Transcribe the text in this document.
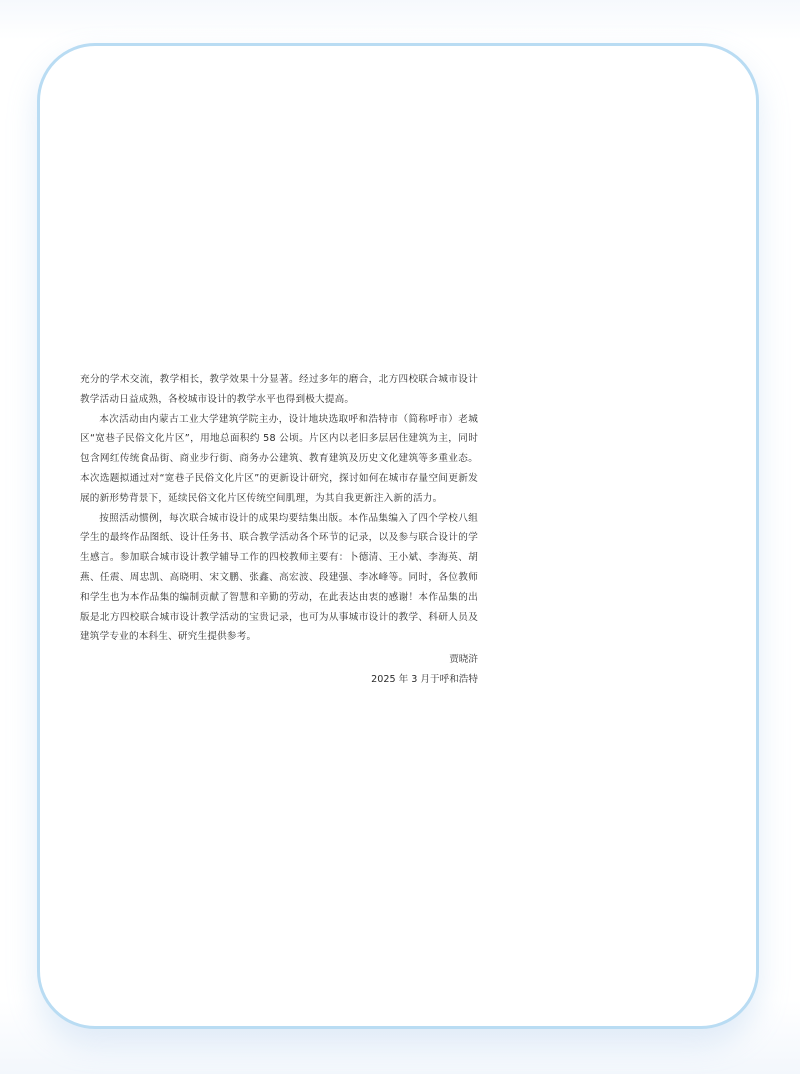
充分的学术交流，教学相长，教学效果十分显著。经过多年的磨合，北方四校联合城市设计教学活动日益成熟，各校城市设计的教学水平也得到极大提高。

本次活动由内蒙古工业大学建筑学院主办，设计地块选取呼和浩特市（简称呼市）老城区“宽巷子民俗文化片区”，用地总面积约 58 公顷。片区内以老旧多层居住建筑为主，同时包含网红传统食品街、商业步行街、商务办公建筑、教育建筑及历史文化建筑等多重业态。本次选题拟通过对“宽巷子民俗文化片区”的更新设计研究，探讨如何在城市存量空间更新发展的新形势背景下，延续民俗文化片区传统空间肌理，为其自我更新注入新的活力。

按照活动惯例，每次联合城市设计的成果均要结集出版。本作品集编入了四个学校八组学生的最终作品图纸、设计任务书、联合教学活动各个环节的记录，以及参与联合设计的学生感言。参加联合城市设计教学辅导工作的四校教师主要有：卜德清、王小斌、李海英、胡燕、任震、周忠凯、高晓明、宋文鹏、张鑫、高宏波、段建强、李冰峰等。同时，各位教师和学生也为本作品集的编制贡献了智慧和辛勤的劳动，在此表达由衷的感谢！本作品集的出版是北方四校联合城市设计教学活动的宝贵记录，也可为从事城市设计的教学、科研人员及建筑学专业的本科生、研究生提供参考。

贾晓浒
2025 年 3 月于呼和浩特
